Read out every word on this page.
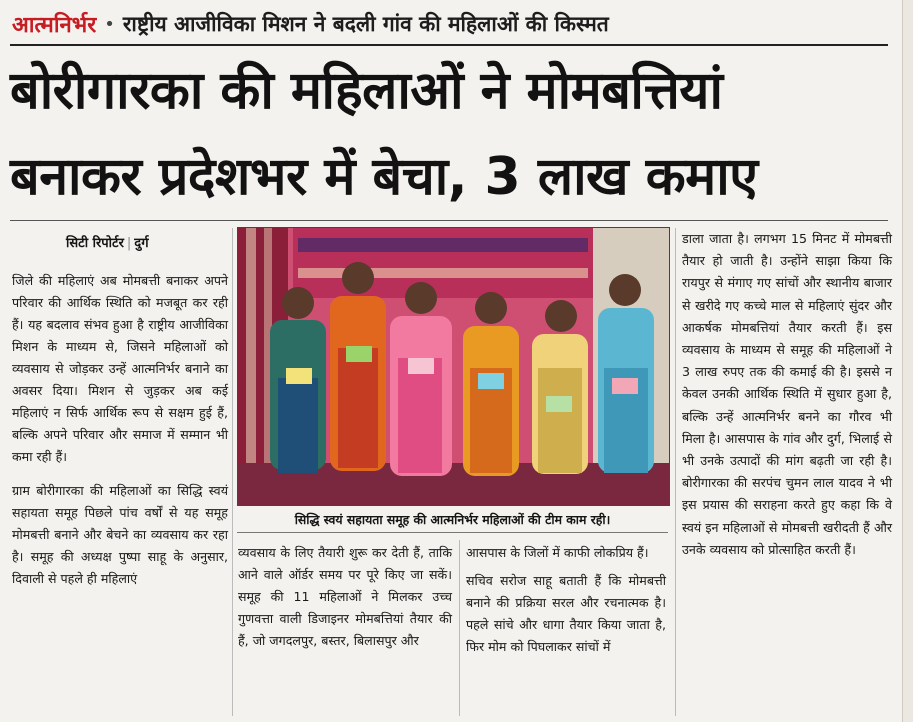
आत्मनिर्भर • राष्ट्रीय आजीविका मिशन ने बदली गांव की महिलाओं की किस्मत
बोरीगारका की महिलाओं ने मोमबत्तियां
बनाकर प्रदेशभर में बेचा, 3 लाख कमाए
सिटी रिपोर्टर | दुर्ग

जिले की महिलाएं अब मोमबत्ती बनाकर अपने परिवार की आर्थिक स्थिति को मजबूत कर रही हैं। यह बदलाव संभव हुआ है राष्ट्रीय आजीविका मिशन के माध्यम से, जिसने महिलाओं को व्यवसाय से जोड़कर उन्हें आत्मनिर्भर बनाने का अवसर दिया। मिशन से जुड़कर अब कई महिलाएं न सिर्फ आर्थिक रूप से सक्षम हुई हैं, बल्कि अपने परिवार और समाज में सम्मान भी कमा रही हैं।

ग्राम बोरीगारका की महिलाओं का सिद्धि स्वयं सहायता समूह पिछले पांच वर्षों से यह समूह मोमबत्ती बनाने और बेचने का व्यवसाय कर रहा है। समूह की अध्यक्ष पुष्पा साहू के अनुसार, दिवाली से पहले ही महिलाएं

सिद्धि स्वयं सहायता समूह की आत्मनिर्भर महिलाओं की टीम काम रही।

व्यवसाय के लिए तैयारी शुरू कर देती हैं, ताकि आने वाले ऑर्डर समय पर पूरे किए जा सकें। समूह की 11 महिलाओं ने मिलकर उच्च गुणवत्ता वाली डिजाइनर मोमबत्तियां तैयार की हैं, जो जगदलपुर, बस्तर, बिलासपुर और

आसपास के जिलों में काफी लोकप्रिय हैं।

सचिव सरोज साहू बताती हैं कि मोमबत्ती बनाने की प्रक्रिया सरल और रचनात्मक है। पहले सांचे और धागा तैयार किया जाता है, फिर मोम को पिघलाकर सांचों में

डाला जाता है। लगभग 15 मिनट में मोमबत्ती तैयार हो जाती है। उन्होंने साझा किया कि रायपुर से मंगाए गए सांचों और स्थानीय बाजार से खरीदे गए कच्चे माल से महिलाएं सुंदर और आकर्षक मोमबत्तियां तैयार करती हैं। इस व्यवसाय के माध्यम से समूह की महिलाओं ने 3 लाख रुपए तक की कमाई की है। इससे न केवल उनकी आर्थिक स्थिति में सुधार हुआ है, बल्कि उन्हें आत्मनिर्भर बनने का गौरव भी मिला है। आसपास के गांव और दुर्ग, भिलाई से भी उनके उत्पादों की मांग बढ़ती जा रही है। बोरीगारका की सरपंच चुमन लाल यादव ने भी इस प्रयास की सराहना करते हुए कहा कि वे स्वयं इन महिलाओं से मोमबत्ती खरीदती हैं और उनके व्यवसाय को प्रोत्साहित करती हैं।
